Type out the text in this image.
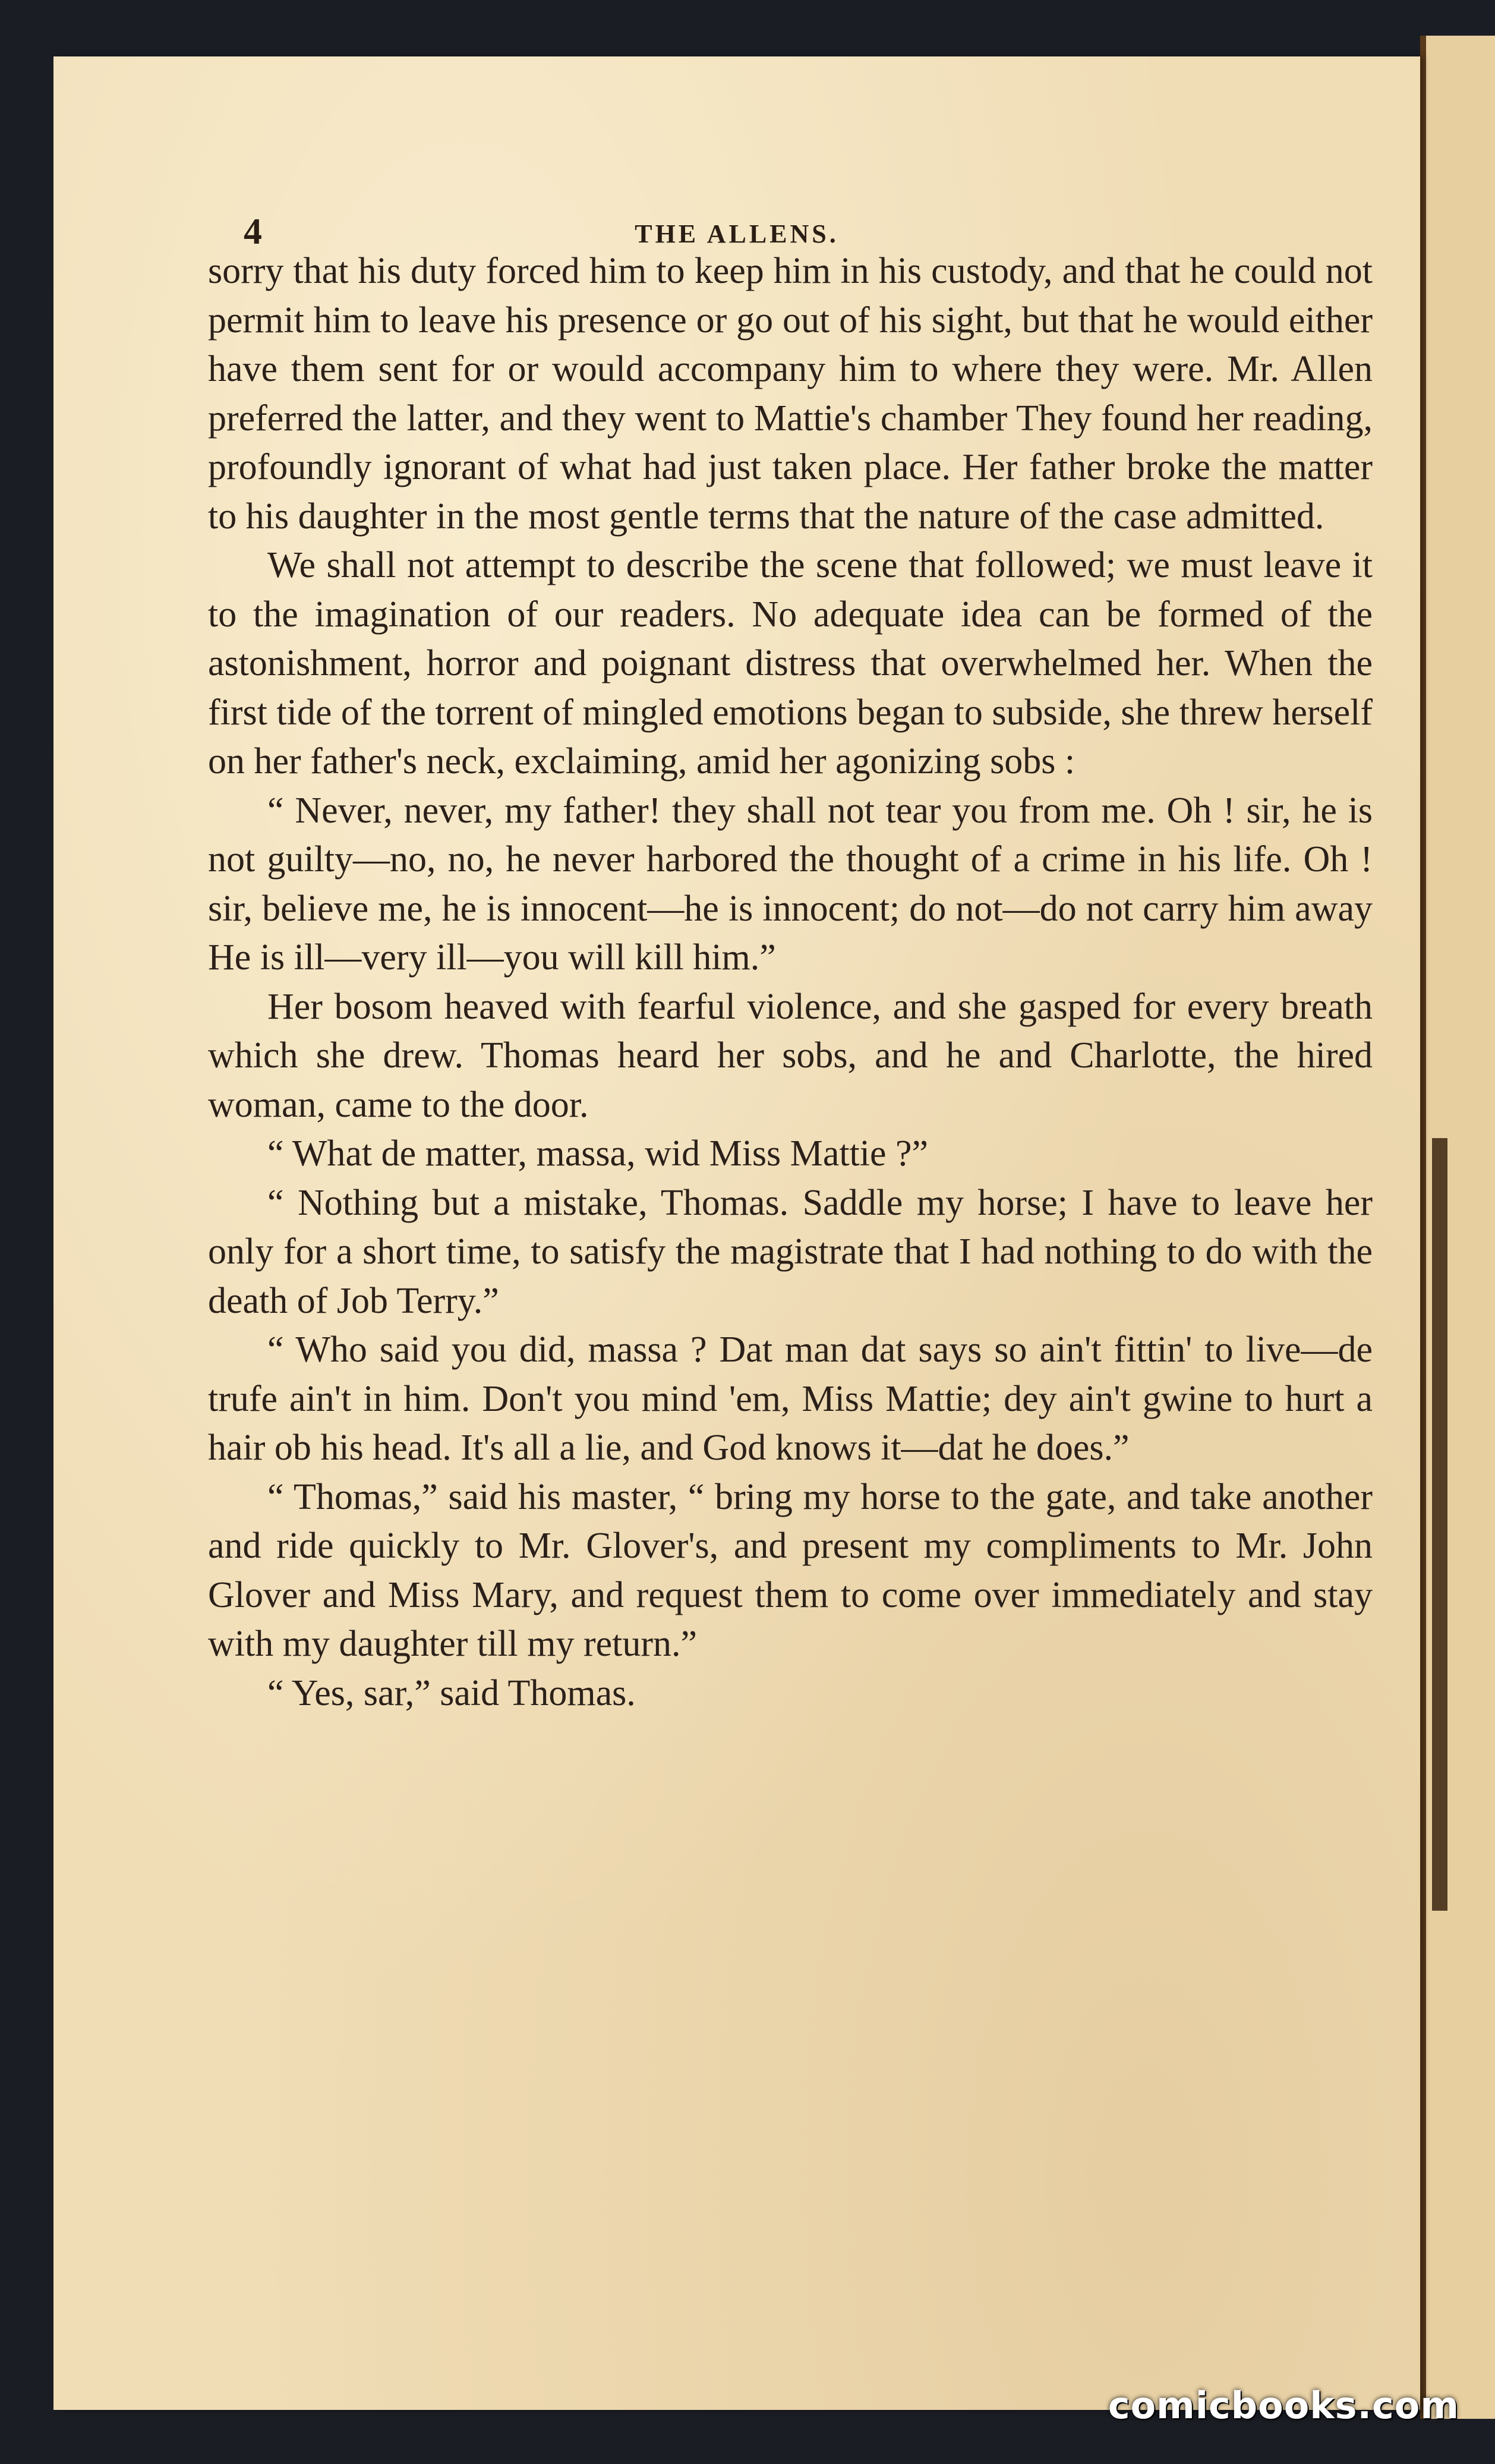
4	THE ALLENS.

sorry that his duty forced him to keep him in his custody, and that he could not permit him to leave his presence or go out of his sight, but that he would either have them sent for or would accompany him to where they were. Mr. Allen preferred the latter, and they went to Mattie's chamber They found her reading, profoundly ignorant of what had just taken place. Her father broke the matter to his daughter in the most gentle terms that the nature of the case admitted.

We shall not attempt to describe the scene that followed; we must leave it to the imagination of our readers. No adequate idea can be formed of the astonishment, horror and poignant distress that overwhelmed her. When the first tide of the torrent of mingled emotions began to subside, she threw herself on her father's neck, exclaiming, amid her agonizing sobs :

“ Never, never, my father! they shall not tear you from me. Oh ! sir, he is not guilty—no, no, he never harbored the thought of a crime in his life. Oh ! sir, believe me, he is innocent—he is innocent; do not—do not carry him away He is ill—very ill—you will kill him.”

Her bosom heaved with fearful violence, and she gasped for every breath which she drew. Thomas heard her sobs, and he and Charlotte, the hired woman, came to the door.

“ What de matter, massa, wid Miss Mattie ?”

“ Nothing but a mistake, Thomas. Saddle my horse; I have to leave her only for a short time, to satisfy the magistrate that I had nothing to do with the death of Job Terry.”

“ Who said you did, massa ? Dat man dat says so ain't fittin' to live—de trufe ain't in him. Don't you mind 'em, Miss Mattie; dey ain't gwine to hurt a hair ob his head. It's all a lie, and God knows it—dat he does.”

“ Thomas,” said his master, “ bring my horse to the gate, and take another and ride quickly to Mr. Glover's, and present my compliments to Mr. John Glover and Miss Mary, and request them to come over immediately and stay with my daughter till my return.”

“ Yes, sar,” said Thomas.

comicbooks.com
